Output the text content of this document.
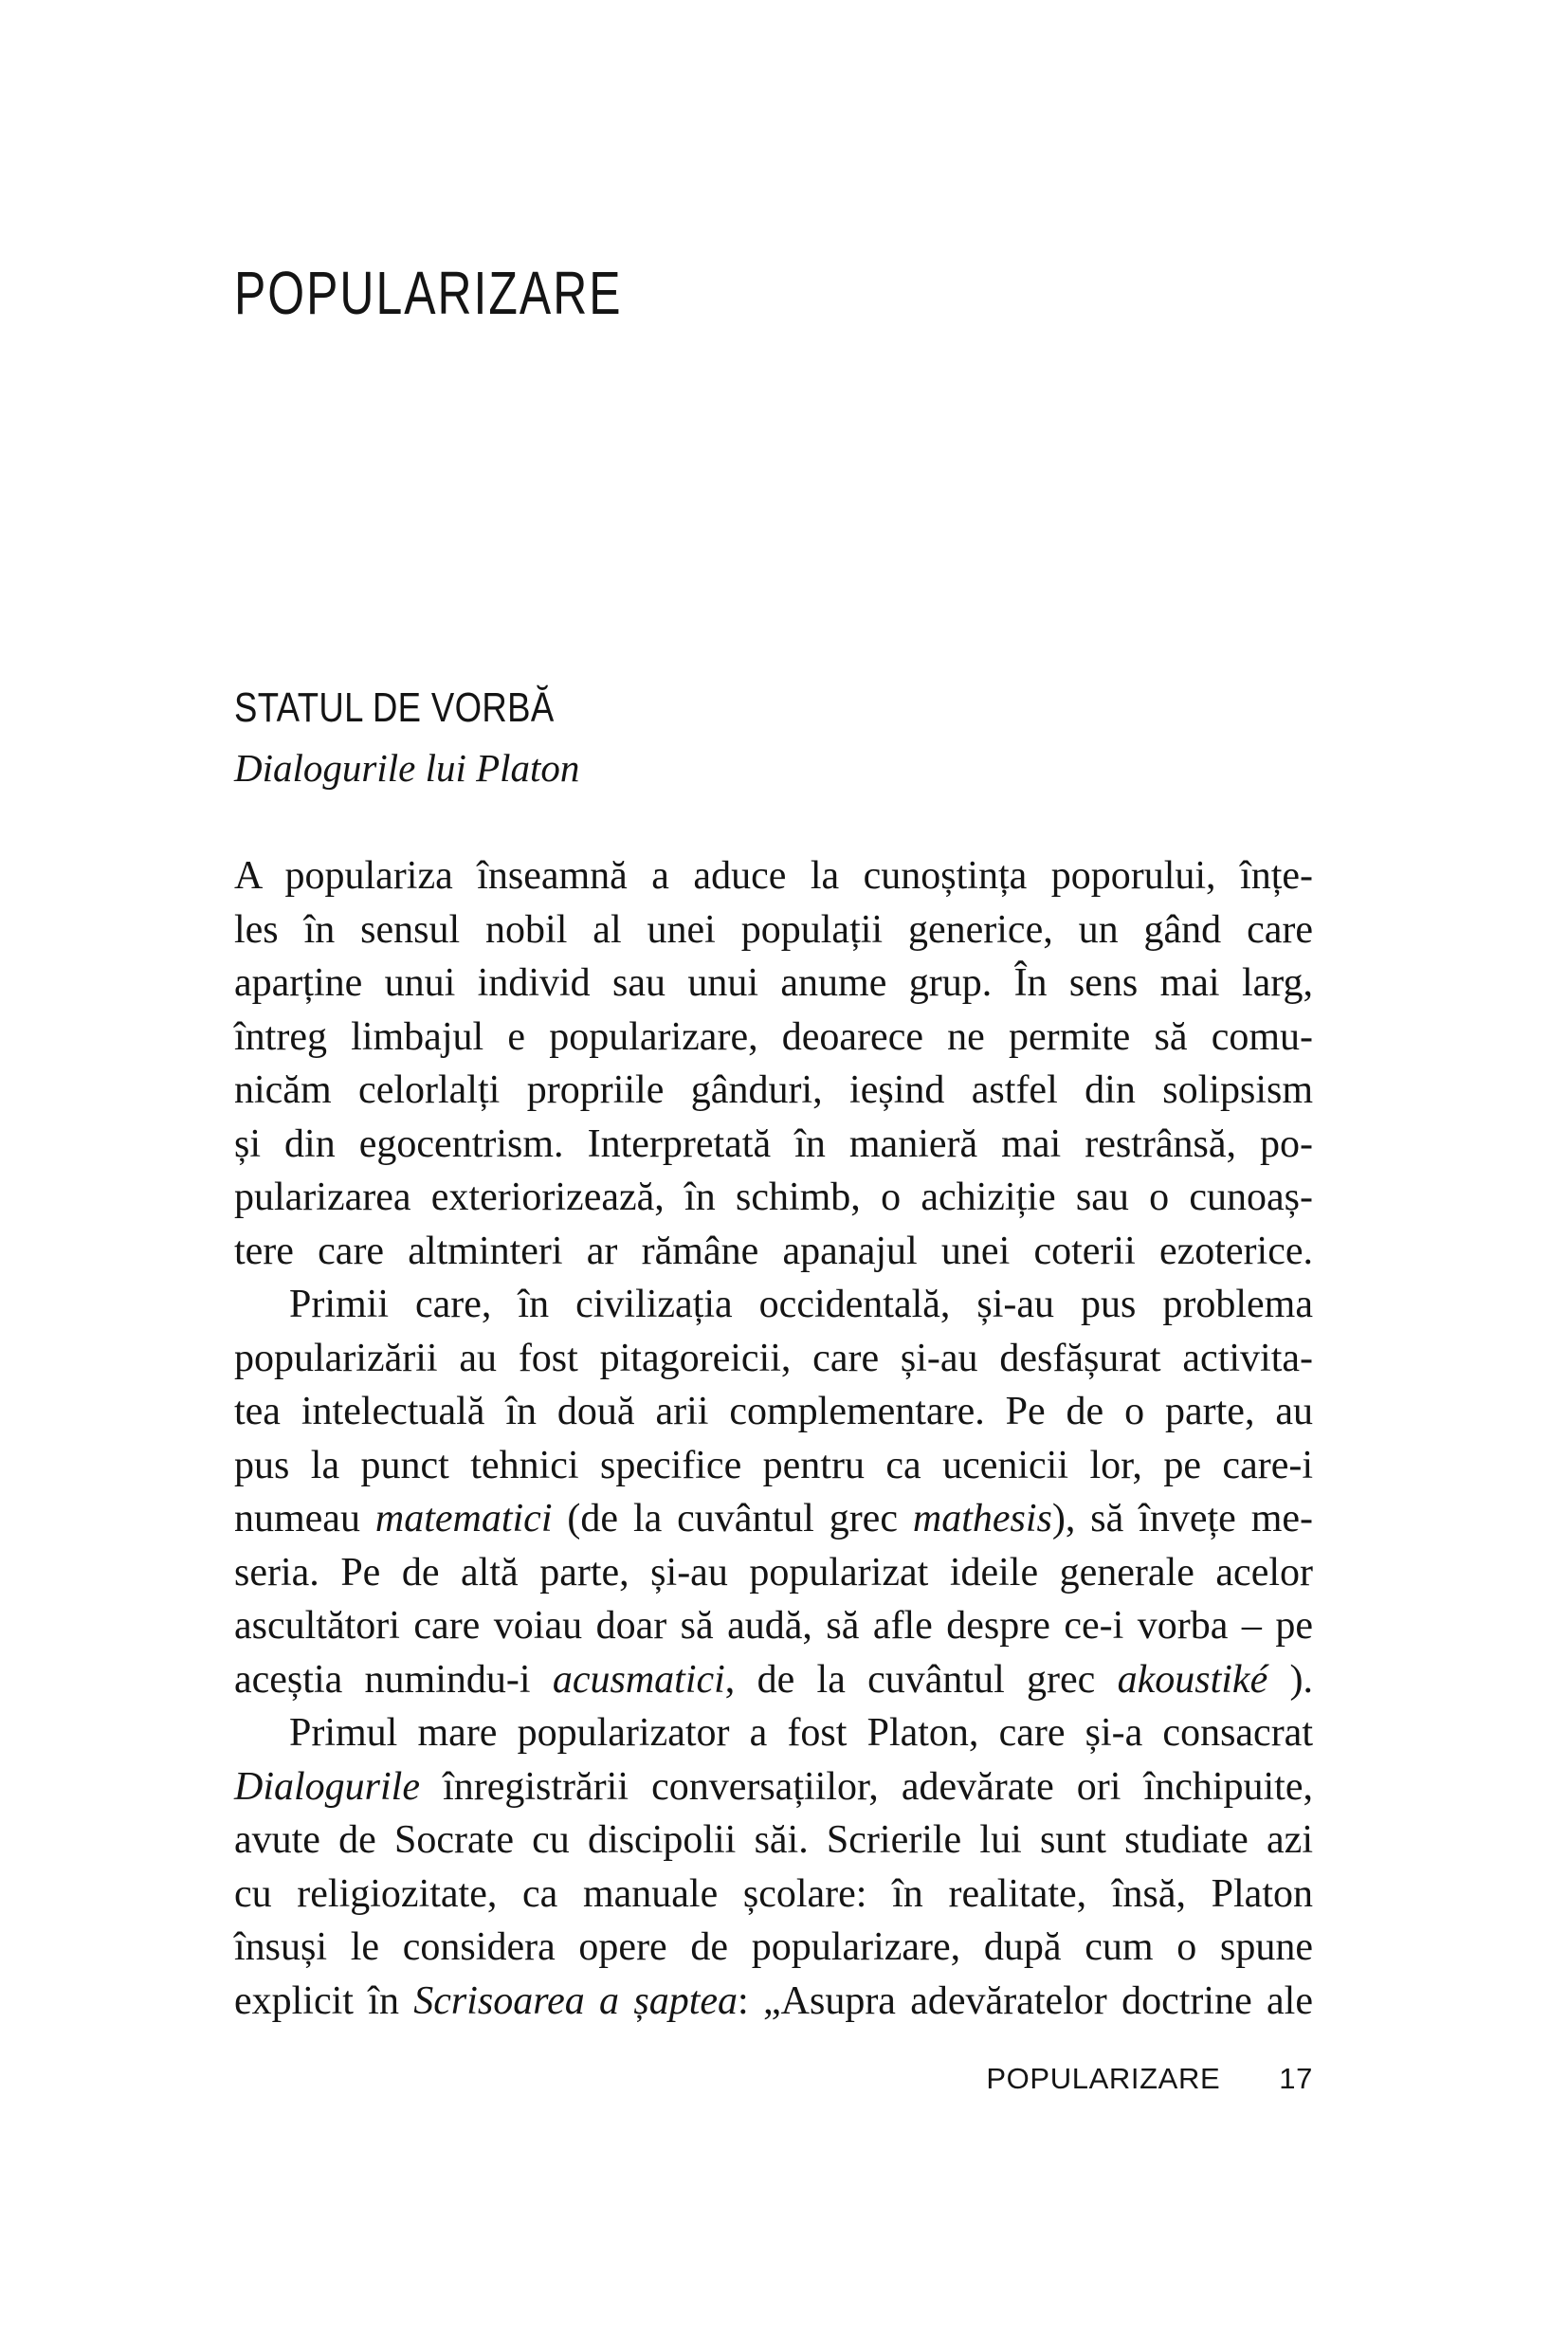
POPULARIZARE
STATUL DE VORBĂ
Dialogurile lui Platon
A populariza înseamnă a aduce la cunoștința poporului, înțe-
les în sensul nobil al unei populații generice, un gând care
aparține unui individ sau unui anume grup. În sens mai larg,
întreg limbajul e popularizare, deoarece ne permite să comu-
nicăm celorlalți propriile gânduri, ieșind astfel din solipsism
și din egocentrism. Interpretată în manieră mai restrânsă, po-
pularizarea exteriorizează, în schimb, o achiziție sau o cunoaș-
tere care altminteri ar rămâne apanajul unei coterii ezoterice.
Primii care, în civilizația occidentală, și-au pus problema
popularizării au fost pitagoreicii, care și-au desfășurat activita-
tea intelectuală în două arii complementare. Pe de o parte, au
pus la punct tehnici specifice pentru ca ucenicii lor, pe care-i
numeau matematici (de la cuvântul grec mathesis), să învețe me-
seria. Pe de altă parte, și-au popularizat ideile generale acelor
ascultători care voiau doar să audă, să afle despre ce-i vorba – pe
aceștia numindu-i acusmatici, de la cuvântul grec akoustiké ).
Primul mare popularizator a fost Platon, care și-a consacrat
Dialogurile înregistrării conversațiilor, adevărate ori închipuite,
avute de Socrate cu discipolii săi. Scrierile lui sunt studiate azi
cu religiozitate, ca manuale școlare: în realitate, însă, Platon
însuși le considera opere de popularizare, după cum o spune
explicit în Scrisoarea a șaptea: „Asupra adevăratelor doctrine ale
POPULARIZARE 17
